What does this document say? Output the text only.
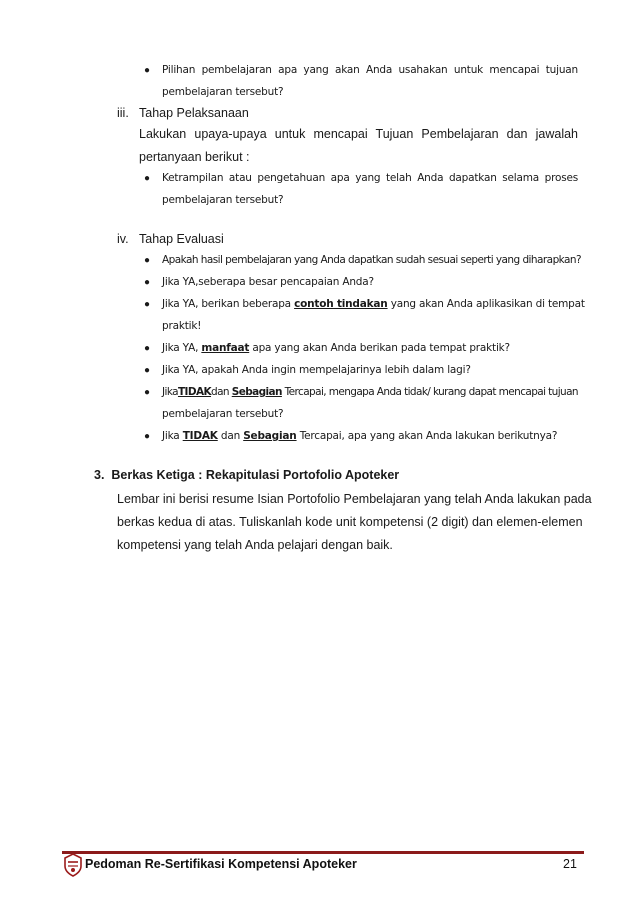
● Pilihan pembelajaran apa yang akan Anda usahakan untuk mencapai tujuan
pembelajaran tersebut?
iii. Tahap Pelaksanaan
Lakukan upaya-upaya untuk mencapai Tujuan Pembelajaran dan jawalah
pertanyaan berikut :
● Ketrampilan atau pengetahuan apa yang telah Anda dapatkan selama proses
pembelajaran tersebut?
iv. Tahap Evaluasi
● Apakah hasil pembelajaran yang Anda dapatkan sudah sesuai seperti yang diharapkan?
● Jika YA,seberapa besar pencapaian Anda?
● Jika YA, berikan beberapa contoh tindakan yang akan Anda aplikasikan di tempat
praktik!
● Jika YA, manfaat apa yang akan Anda berikan pada tempat praktik?
● Jika YA, apakah Anda ingin mempelajarinya lebih dalam lagi?
● JikaTIDAKdan Sebagian Tercapai, mengapa Anda tidak/ kurang dapat mencapai tujuan
pembelajaran tersebut?
● Jika TIDAK dan Sebagian Tercapai, apa yang akan Anda lakukan berikutnya?
3.  Berkas Ketiga : Rekapitulasi Portofolio Apoteker
Lembar ini berisi resume Isian Portofolio Pembelajaran yang telah Anda lakukan pada
berkas kedua di atas. Tuliskanlah kode unit kompetensi (2 digit) dan elemen-elemen
kompetensi yang telah Anda pelajari dengan baik.
Pedoman Re-Sertifikasi Kompetensi Apoteker	21
